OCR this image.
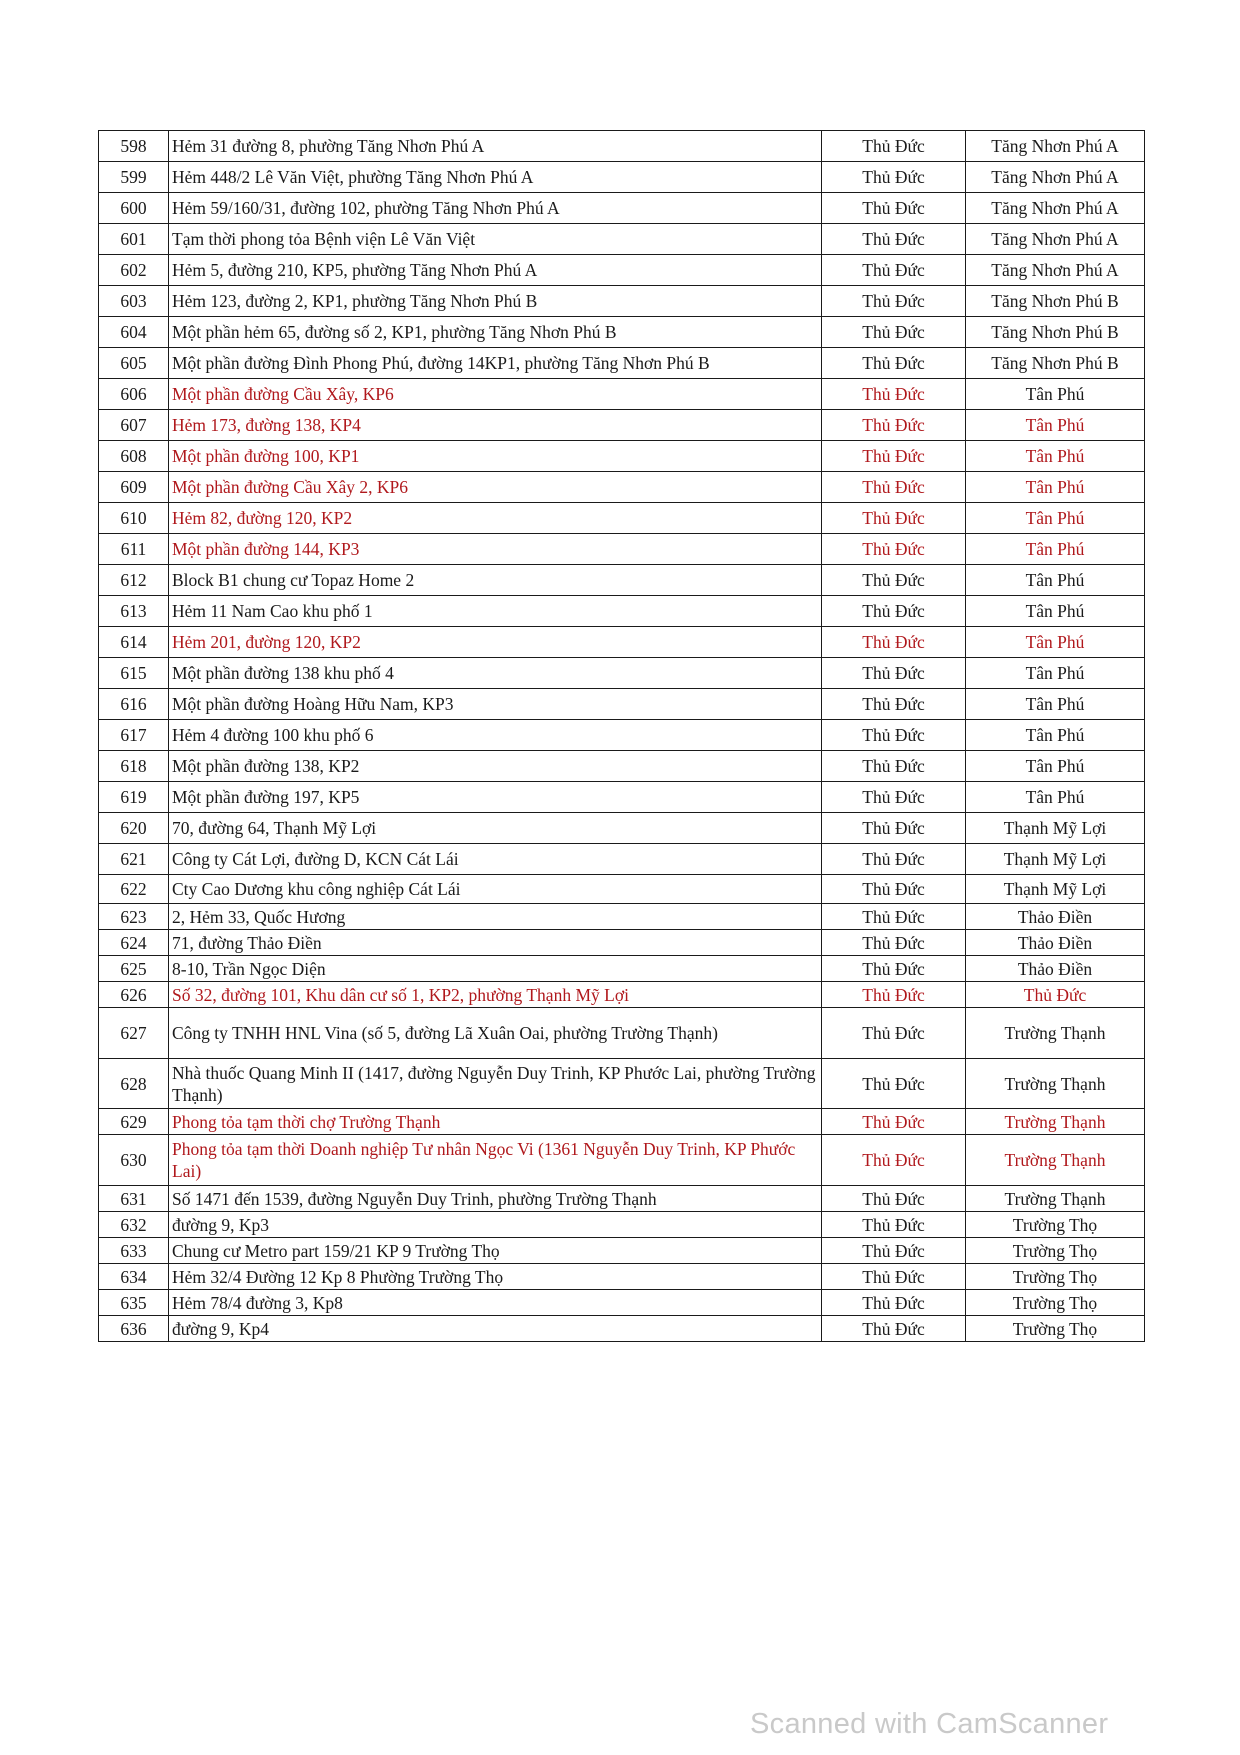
598	Hẻm 31 đường 8, phường Tăng Nhơn Phú A	Thủ Đức	Tăng Nhơn Phú A
599	Hẻm 448/2 Lê Văn Việt, phường Tăng Nhơn Phú A	Thủ Đức	Tăng Nhơn Phú A
600	Hẻm 59/160/31, đường 102, phường Tăng Nhơn Phú A	Thủ Đức	Tăng Nhơn Phú A
601	Tạm thời phong tỏa Bệnh viện Lê Văn Việt	Thủ Đức	Tăng Nhơn Phú A
602	Hẻm 5, đường 210, KP5, phường Tăng Nhơn Phú A	Thủ Đức	Tăng Nhơn Phú A
603	Hẻm 123, đường 2, KP1, phường Tăng Nhơn Phú B	Thủ Đức	Tăng Nhơn Phú B
604	Một phần hẻm 65, đường số 2, KP1, phường Tăng Nhơn Phú B	Thủ Đức	Tăng Nhơn Phú B
605	Một phần đường Đình Phong Phú, đường 14KP1, phường Tăng Nhơn Phú B	Thủ Đức	Tăng Nhơn Phú B
606	Một phần đường Cầu Xây, KP6	Thủ Đức	Tân Phú
607	Hẻm 173, đường 138, KP4	Thủ Đức	Tân Phú
608	Một phần đường 100, KP1	Thủ Đức	Tân Phú
609	Một phần đường Cầu Xây 2, KP6	Thủ Đức	Tân Phú
610	Hẻm 82, đường 120, KP2	Thủ Đức	Tân Phú
611	Một phần đường 144, KP3	Thủ Đức	Tân Phú
612	Block B1 chung cư Topaz Home 2	Thủ Đức	Tân Phú
613	Hẻm 11 Nam Cao khu phố 1	Thủ Đức	Tân Phú
614	Hẻm 201, đường 120, KP2	Thủ Đức	Tân Phú
615	Một phần đường 138 khu phố 4	Thủ Đức	Tân Phú
616	Một phần đường Hoàng Hữu Nam, KP3	Thủ Đức	Tân Phú
617	Hẻm 4 đường 100 khu phố 6	Thủ Đức	Tân Phú
618	Một phần đường 138, KP2	Thủ Đức	Tân Phú
619	Một phần đường 197, KP5	Thủ Đức	Tân Phú
620	70, đường 64, Thạnh Mỹ Lợi	Thủ Đức	Thạnh Mỹ Lợi
621	Công ty Cát Lợi, đường D, KCN Cát Lái	Thủ Đức	Thạnh Mỹ Lợi
622	Cty Cao Dương khu công nghiệp Cát Lái	Thủ Đức	Thạnh Mỹ Lợi
623	2, Hẻm 33, Quốc Hương	Thủ Đức	Thảo Điền
624	71, đường Thảo Điền	Thủ Đức	Thảo Điền
625	8-10, Trần Ngọc Diện	Thủ Đức	Thảo Điền
626	Số 32, đường 101, Khu dân cư số 1, KP2, phường Thạnh Mỹ Lợi	Thủ Đức	Thủ Đức
627	Công ty TNHH HNL Vina (số 5, đường Lã Xuân Oai, phường Trường Thạnh)	Thủ Đức	Trường Thạnh
628	Nhà thuốc Quang Minh II (1417, đường Nguyễn Duy Trinh, KP Phước Lai, phường Trường Thạnh)	Thủ Đức	Trường Thạnh
629	Phong tỏa tạm thời chợ Trường Thạnh	Thủ Đức	Trường Thạnh
630	Phong tỏa tạm thời Doanh nghiệp Tư nhân Ngọc Vi (1361 Nguyễn Duy Trinh, KP Phước Lai)	Thủ Đức	Trường Thạnh
631	Số 1471 đến 1539, đường Nguyễn Duy Trinh, phường Trường Thạnh	Thủ Đức	Trường Thạnh
632	đường 9, Kp3	Thủ Đức	Trường Thọ
633	Chung cư Metro part 159/21 KP 9 Trường Thọ	Thủ Đức	Trường Thọ
634	Hẻm 32/4 Đường 12 Kp 8 Phường Trường Thọ	Thủ Đức	Trường Thọ
635	Hẻm 78/4 đường 3, Kp8	Thủ Đức	Trường Thọ
636	đường 9, Kp4	Thủ Đức	Trường Thọ
Scanned with CamScanner
